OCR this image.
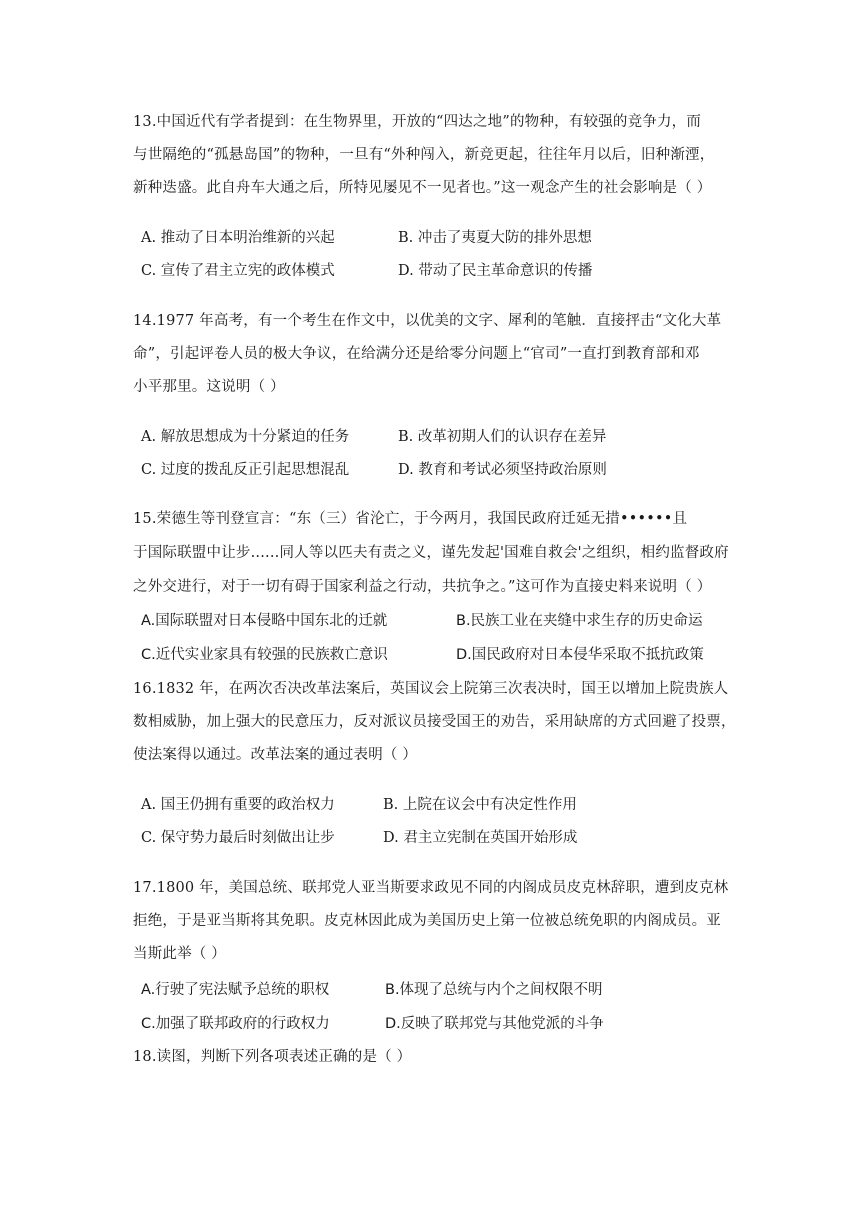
13.中国近代有学者提到：在生物界里，开放的“四达之地”的物种，有较强的竞争力，而
与世隔绝的“孤悬岛国”的物种，一旦有“外种闯入，新竞更起，往往年月以后，旧种渐湮，
新种迭盛。此自舟车大通之后，所特见屡见不一见者也。”这一观念产生的社会影响是（ ）
A. 推动了日本明治维新的兴起	B. 冲击了夷夏大防的排外思想
C. 宣传了君主立宪的政体模式	D. 带动了民主革命意识的传播
14.1977 年高考，有一个考生在作文中，以优美的文字、犀利的笔触．直接抨击“文化大革
命”，引起评卷人员的极大争议，在给满分还是给零分问题上“官司”一直打到教育部和邓
小平那里。这说明（ ）
A. 解放思想成为十分紧迫的任务	B. 改革初期人们的认识存在差异
C. 过度的拨乱反正引起思想混乱	D. 教育和考试必须坚持政治原则
15.荣德生等刊登宣言：“东（三）省沦亡，于今两月，我国民政府迁延无措••••••且
于国际联盟中让步......同人等以匹夫有责之义，谨先发起'国难自救会'之组织，相约监督政府
之外交进行，对于一切有碍于国家利益之行动，共抗争之。”这可作为直接史料来说明（ ）
A.国际联盟对日本侵略中国东北的迁就	B.民族工业在夹缝中求生存的历史命运
C.近代实业家具有较强的民族救亡意识	D.国民政府对日本侵华采取不抵抗政策
16.1832 年，在两次否决改革法案后，英国议会上院第三次表决时，国王以增加上院贵族人
数相威胁，加上强大的民意压力，反对派议员接受国王的劝告，采用缺席的方式回避了投票，
使法案得以通过。改革法案的通过表明（ ）
A. 国王仍拥有重要的政治权力	B. 上院在议会中有决定性作用
C. 保守势力最后时刻做出让步	D. 君主立宪制在英国开始形成
17.1800 年，美国总统、联邦党人亚当斯要求政见不同的内阁成员皮克林辞职，遭到皮克林
拒绝，于是亚当斯将其免职。皮克林因此成为美国历史上第一位被总统免职的内阁成员。亚
当斯此举（ ）
A.行驶了宪法赋予总统的职权	B.体现了总统与内个之间权限不明
C.加强了联邦政府的行政权力	D.反映了联邦党与其他党派的斗争
18.读图，判断下列各项表述正确的是（ ）
